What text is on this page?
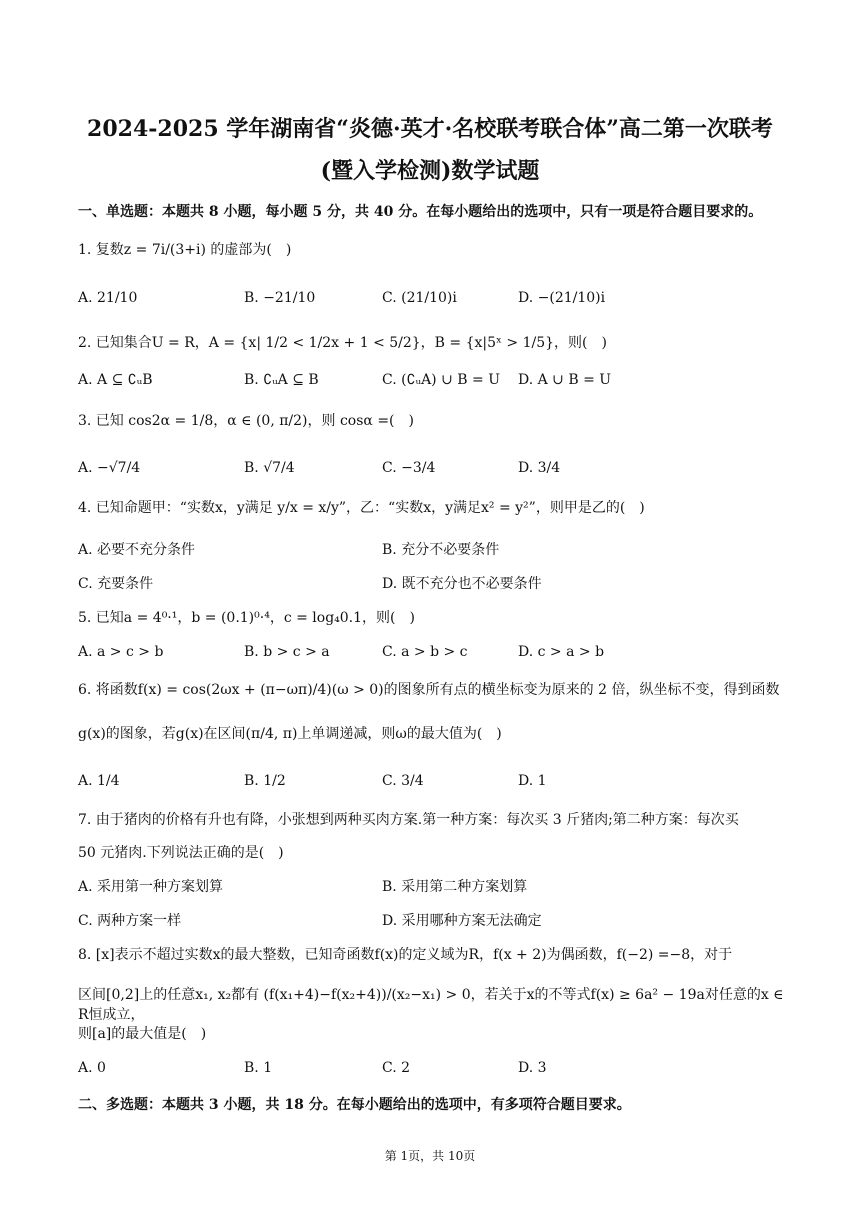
2024-2025 学年湖南省“炎德·英才·名校联考联合体”高二第一次联考
(暨入学检测)数学试题
一、单选题：本题共 8 小题，每小题 5 分，共 40 分。在每小题给出的选项中，只有一项是符合题目要求的。
1. 复数z = 7i/(3+i) 的虚部为(　)
A. 21/10	B. −21/10	C. (21/10)i	D. −(21/10)i
2. 已知集合U = R，A = {x| 1/2 < 1/2x + 1 < 5/2}，B = {x|5ˣ > 1/5}，则(　)
A. A ⊆ ∁ᵤB	B. ∁ᵤA ⊆ B	C. (∁ᵤA) ∪ B = U D. A ∪ B = U
3. 已知 cos2α = 1/8，α ∈ (0, π/2)，则 cosα =(　)
A. −√7/4	B. √7/4	C. −3/4	D. 3/4
4. 已知命题甲：“实数x，y满足 y/x = x/y”，乙：“实数x，y满足x² = y²”，则甲是乙的(　)
A. 必要不充分条件	B. 充分不必要条件
C. 充要条件	D. 既不充分也不必要条件
5. 已知a = 4⁰·¹，b = (0.1)⁰·⁴，c = log₄0.1，则(　)
A. a > c > b	B. b > c > a	C. a > b > c	D. c > a > b
6. 将函数f(x) = cos(2ωx + (π−ωπ)/4)(ω > 0)的图象所有点的横坐标变为原来的 2 倍，纵坐标不变，得到函数
g(x)的图象，若g(x)在区间(π/4, π)上单调递减，则ω的最大值为(　)
A. 1/4	B. 1/2	C. 3/4	D. 1
7. 由于猪肉的价格有升也有降，小张想到两种买肉方案.第一种方案：每次买 3 斤猪肉;第二种方案：每次买
50 元猪肉.下列说法正确的是(　)
A. 采用第一种方案划算	B. 采用第二种方案划算
C. 两种方案一样	D. 采用哪种方案无法确定
8. [x]表示不超过实数x的最大整数，已知奇函数f(x)的定义域为R，f(x + 2)为偶函数，f(−2) =−8，对于
区间[0,2]上的任意x₁, x₂都有 (f(x₁+4)−f(x₂+4))/(x₂−x₁) > 0，若关于x的不等式f(x) ≥ 6a² − 19a对任意的x ∈ R恒成立，
则[a]的最大值是(　)
A. 0	B. 1	C. 2	D. 3
二、多选题：本题共 3 小题，共 18 分。在每小题给出的选项中，有多项符合题目要求。
第 1页，共 10页
